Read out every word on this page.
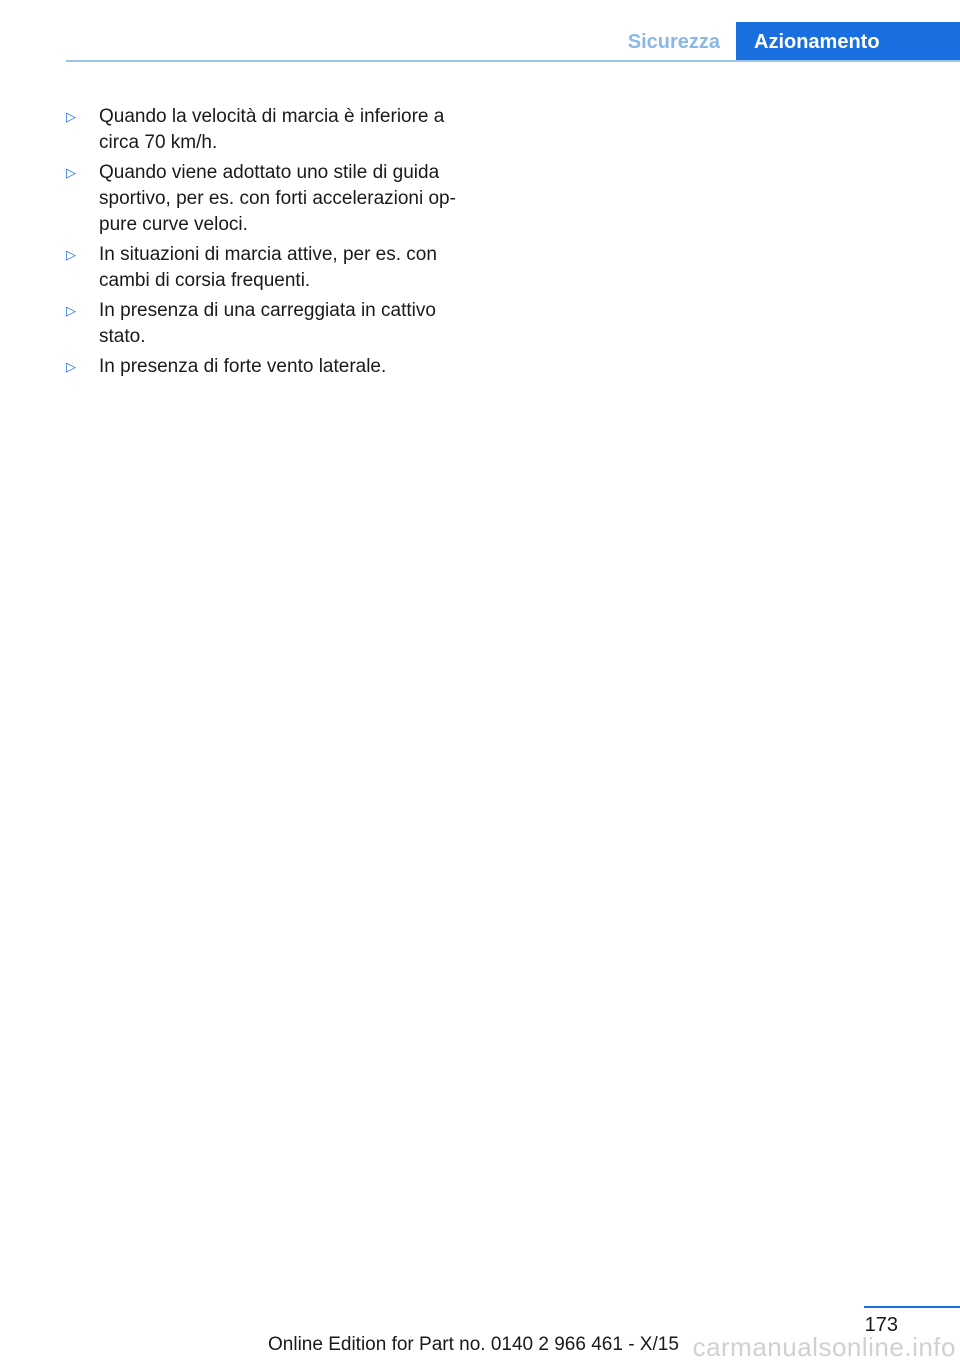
Sicurezza	Azionamento
▷ Quando la velocità di marcia è inferiore a
circa 70 km/h.
▷ Quando viene adottato uno stile di guida
sportivo, per es. con forti accelerazioni op‐
pure curve veloci.
▷ In situazioni di marcia attive, per es. con
cambi di corsia frequenti.
▷ In presenza di una carreggiata in cattivo
stato.
▷ In presenza di forte vento laterale.
173
Online Edition for Part no. 0140 2 966 461 - X/15 carmanualsonline.info
